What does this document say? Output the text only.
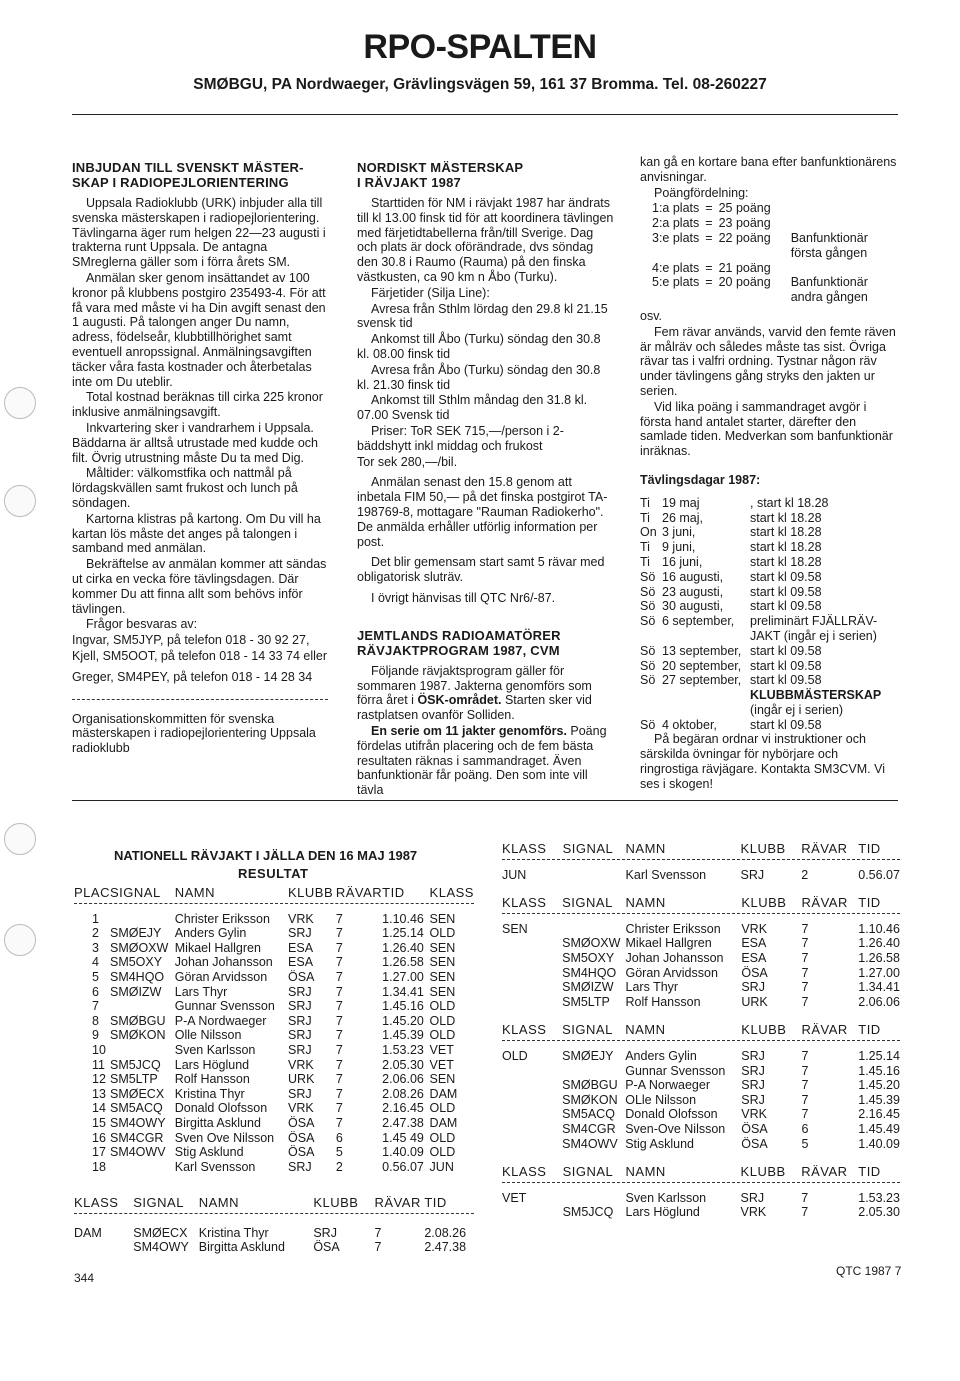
RPO-SPALTEN
SMØBGU, PA Nordwaeger, Grävlingsvägen 59, 161 37 Bromma. Tel. 08-260227
INBJUDAN TILL SVENSKT MÄSTER-
SKAP I RADIOPEJLORIENTERING

Uppsala Radioklubb (URK) inbjuder alla till svenska mästerskapen i radiopejlorientering. Tävlingarna äger rum helgen 22—23 augusti i trakterna runt Uppsala. De antagna SMreglerna gäller som i förra årets SM.

Anmälan sker genom insättandet av 100 kronor på klubbens postgiro 235493-4. För att få vara med måste vi ha Din avgift senast den 1 augusti. På talongen anger Du namn, adress, födelseår, klubbtillhörighet samt eventuell anropssignal. Anmälningsavgiften täcker våra fasta kostnader och återbetalas inte om Du uteblir.

Total kostnad beräknas till cirka 225 kronor inklusive anmälningsavgift.

Inkvartering sker i vandrarhem i Uppsala. Bäddarna är alltså utrustade med kudde och filt. Övrig utrustning måste Du ta med Dig.

Måltider: välkomstfika och nattmål på lördagskvällen samt frukost och lunch på söndagen.

Kartorna klistras på kartong. Om Du vill ha kartan lös måste det anges på talongen i samband med anmälan.

Bekräftelse av anmälan kommer att sändas ut cirka en vecka före tävlingsdagen. Där kommer Du att finna allt som behövs inför tävlingen.

Frågor besvaras av:

Ingvar, SM5JYP, på telefon 018 - 30 92 27,

Kjell, SM5OOT, på telefon 018 - 14 33 74 eller

Greger, SM4PEY, på telefon 018 - 14 28 34

Organisationskommitten för svenska mästerskapen i radiopejlorientering Uppsala radioklubb

NORDISKT MÄSTERSKAP
I RÄVJAKT 1987

Starttiden för NM i rävjakt 1987 har ändrats till kl 13.00 finsk tid för att koordinera tävlingen med färjetidtabellerna från/till Sverige. Dag och plats är dock oförändrade, dvs söndag den 30.8 i Raumo (Rauma) på den finska västkusten, ca 90 km n Åbo (Turku).

Färjetider (Silja Line):

Avresa från Sthlm lördag den 29.8 kl 21.15 svensk tid

Ankomst till Åbo (Turku) söndag den 30.8 kl. 08.00 finsk tid

Avresa från Åbo (Turku) söndag den 30.8 kl. 21.30 finsk tid

Ankomst till Sthlm måndag den 31.8 kl. 07.00 Svensk tid

Priser: ToR SEK 715,—/person i 2-bäddshytt inkl middag och frukost

Tor sek 280,—/bil.

Anmälan senast den 15.8 genom att inbetala FIM 50,— på det finska postgirot TA-198769-8, mottagare "Rauman Radiokerho". De anmälda erhåller utförlig information per post.

Det blir gemensam start samt 5 rävar med obligatorisk sluträv.

I övrigt hänvisas till QTC Nr6/-87.

JEMTLANDS RADIOAMATÖRER
RÄVJAKTPROGRAM 1987, CVM

Följande rävjaktsprogram gäller för sommaren 1987. Jakterna genomförs som förra året i ÖSK-området. Starten sker vid rastplatsen ovanför Solliden.

En serie om 11 jakter genomförs. Poäng fördelas utifrån placering och de fem bästa resultaten räknas i sammandraget. Även banfunktionär får poäng. Den som inte vill tävla

kan gå en kortare bana efter banfunktionärens anvisningar.

Poängfördelning:

1:a plats	=	25 poäng	
2:a plats	=	23 poäng	
3:e plats	=	22 poäng	Banfunktionär
			första gången
4:e plats	=	21 poäng	
5:e plats	=	20 poäng	Banfunktionär
			andra gången

osv.

Fem rävar används, varvid den femte räven är målräv och således måste tas sist. Övriga rävar tas i valfri ordning. Tystnar någon räv under tävlingens gång stryks den jakten ur serien.

Vid lika poäng i sammandraget avgör i första hand antalet starter, därefter den samlade tiden. Medverkan som banfunktionär inräknas.

Tävlingsdagar 1987:
Ti	19 maj	, start kl 18.28
Ti	26 maj,	start kl 18.28
On	3 juni,	start kl 18.28
Ti	9 juni,	start kl 18.28
Ti	16 juni,	start kl 18.28
Sö	16 augusti,	start kl 09.58
Sö	23 augusti,	start kl 09.58
Sö	30 augusti,	start kl 09.58
Sö	6 september,	preliminärt FJÄLLRÄV-
		JAKT (ingår ej i serien)
Sö	13 september,	start kl 09.58
Sö	20 september,	start kl 09.58
Sö	27 september,	start kl 09.58
		KLUBBMÄSTERSKAP
		(ingår ej i serien)
Sö	4 oktober,	start kl 09.58

På begäran ordnar vi instruktioner och särskilda övningar för nybörjare och ringrostiga rävjägare. Kontakta SM3CVM. Vi ses i skogen!

NATIONELL RÄVJAKT I JÄLLA DEN 16 MAJ 1987
RESULTAT
PLAC	SIGNAL	NAMN	KLUBB	RÄVAR	TID	KLASS

1		Christer Eriksson	VRK	7	1.10.46	SEN
2	SMØEJY	Anders Gylin	SRJ	7	1.25.14	OLD
3	SMØOXW	Mikael Hallgren	ESA	7	1.26.40	SEN
4	SM5OXY	Johan Johansson	ESA	7	1.26.58	SEN
5	SM4HQO	Göran Arvidsson	ÖSA	7	1.27.00	SEN
6	SMØIZW	Lars Thyr	SRJ	7	1.34.41	SEN
7		Gunnar Svensson	SRJ	7	1.45.16	OLD
8	SMØBGU	P-A Nordwaeger	SRJ	7	1.45.20	OLD
9	SMØKON	Olle Nilsson	SRJ	7	1.45.39	OLD
10		Sven Karlsson	SRJ	7	1.53.23	VET
11	SM5JCQ	Lars Höglund	VRK	7	2.05.30	VET
12	SM5LTP	Rolf Hansson	URK	7	2.06.06	SEN
13	SMØECX	Kristina Thyr	SRJ	7	2.08.26	DAM
14	SM5ACQ	Donald Olofsson	VRK	7	2.16.45	OLD
15	SM4OWY	Birgitta Asklund	ÖSA	7	2.47.38	DAM
16	SM4CGR	Sven Ove Nilsson	ÖSA	6	1.45 49	OLD
17	SM4OWV	Stig Asklund	ÖSA	5	1.40.09	OLD
18		Karl Svensson	SRJ	2	0.56.07	JUN
KLASS	SIGNAL	NAMN	KLUBB	RÄVAR	TID

DAM	SMØECX	Kristina Thyr	SRJ	7	2.08.26
	SM4OWY	Birgitta Asklund	ÖSA	7	2.47.38
KLASS	SIGNAL	NAMN	KLUBB	RÄVAR	TID

JUN		Karl Svensson	SRJ	2	0.56.07
KLASS	SIGNAL	NAMN	KLUBB	RÄVAR	TID

SEN		Christer Eriksson	VRK	7	1.10.46
	SMØOXW	Mikael Hallgren	ESA	7	1.26.40
	SM5OXY	Johan Johansson	ESA	7	1.26.58
	SM4HQO	Göran Arvidsson	ÖSA	7	1.27.00
	SMØIZW	Lars Thyr	SRJ	7	1.34.41
	SM5LTP	Rolf Hansson	URK	7	2.06.06
KLASS	SIGNAL	NAMN	KLUBB	RÄVAR	TID

OLD	SMØEJY	Anders Gylin	SRJ	7	1.25.14
		Gunnar Svensson	SRJ	7	1.45.16
	SMØBGU	P-A Norwaeger	SRJ	7	1.45.20
	SMØKON	OLle Nilsson	SRJ	7	1.45.39
	SM5ACQ	Donald Olofsson	VRK	7	2.16.45
	SM4CGR	Sven-Ove Nilsson	ÖSA	6	1.45.49
	SM4OWV	Stig Asklund	ÖSA	5	1.40.09
KLASS	SIGNAL	NAMN	KLUBB	RÄVAR	TID

VET		Sven Karlsson	SRJ	7	1.53.23
	SM5JCQ	Lars Höglund	VRK	7	2.05.30
344	QTC 1987 7
